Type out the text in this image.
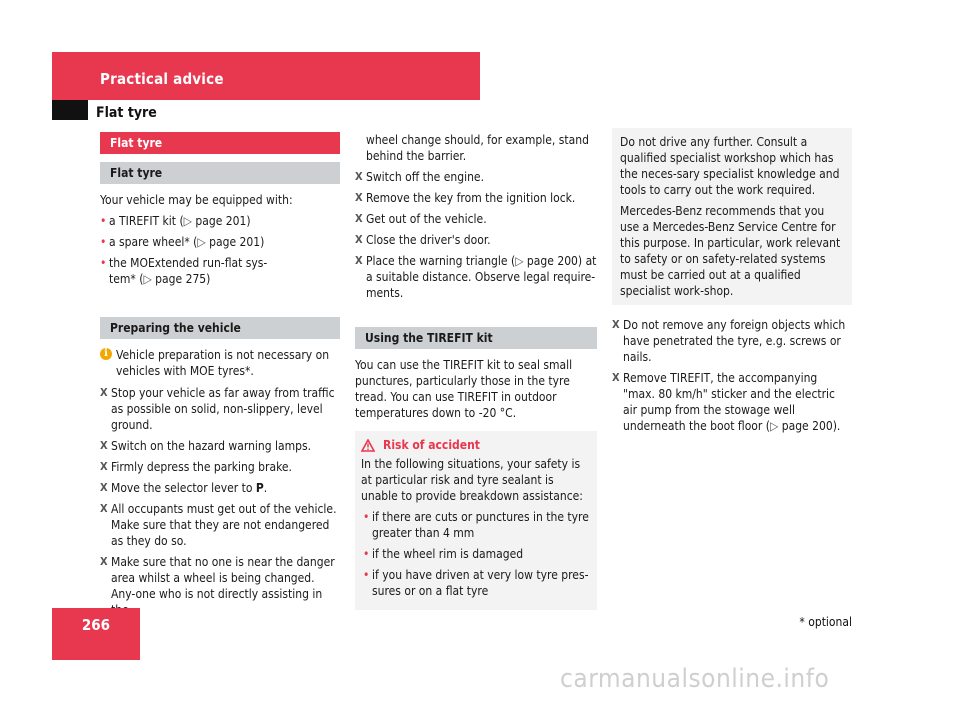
Practical advice
Flat tyre
Flat tyre
Flat tyre

Your vehicle may be equipped with:

• a TIREFIT kit (▷ page 201)
• a spare wheel* (▷ page 201)
• the MOExtended run-flat sys-
tem* (▷ page 275)
Preparing the vehicle
i Vehicle preparation is not necessary on vehicles with MOE tyres*.
X Stop your vehicle as far away from traffic as possible on solid, non-slippery, level ground.
X Switch on the hazard warning lamps.
X Firmly depress the parking brake.
X Move the selector lever to P.
X All occupants must get out of the vehicle. Make sure that they are not endangered as they do so.
X Make sure that no one is near the danger area whilst a wheel is being changed. Any-one who is not directly assisting in

wheel change should, for example, stand behind the barrier.

X Switch off the engine.
X Remove the key from the ignition lock.
X Get out of the vehicle.
X Close the driver's door.
X Place the warning triangle (▷ page 200) at a suitable distance. Observe legal require-ments.
Using the TIREFIT kit

You can use the TIREFIT kit to seal small punctures, particularly those in the tyre tread. You can use TIREFIT in outdoor temperatures down to -20 °C.

Risk of accident

In the following situations, your safety is at particular risk and tyre sealant is unable to provide breakdown assistance:

• if there are cuts or punctures in the tyre greater than 4 mm
• if the wheel rim is damaged
• if you have driven at very low tyre pres-sures or on a flat tyre

Do not drive any further. Consult a qualified specialist workshop which has the neces-sary specialist knowledge and tools to carry out the work required.

Mercedes-Benz recommends that you use a Mercedes-Benz Service Centre for this purpose. In particular, work relevant to safety or on safety-related systems must be carried out at a qualified specialist work-shop.

X Do not remove any foreign objects which have penetrated the tyre, e.g. screws or nails.
X Remove TIREFIT, the accompanying "max. 80 km/h" sticker and the electric air pump from the stowage well underneath the boot floor (▷ page 200).
266	* optional
carmanualsonline.info
